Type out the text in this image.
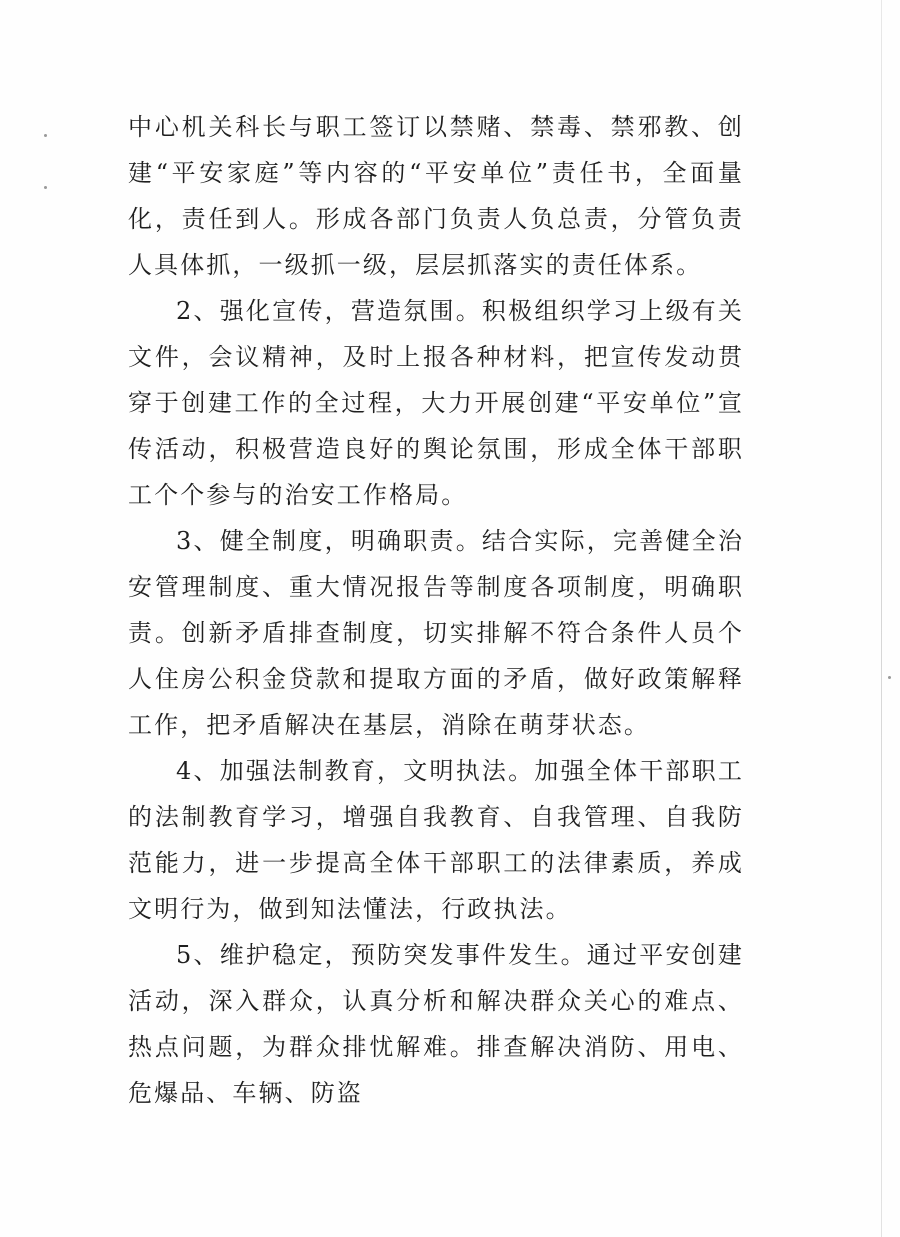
中心机关科长与职工签订以禁赌、禁毒、禁邪教、创建“平安家庭”等内容的“平安单位”责任书，全面量化，责任到人。形成各部门负责人负总责，分管负责人具体抓，一级抓一级，层层抓落实的责任体系。

2、强化宣传，营造氛围。积极组织学习上级有关文件，会议精神，及时上报各种材料，把宣传发动贯穿于创建工作的全过程，大力开展创建“平安单位”宣传活动，积极营造良好的舆论氛围，形成全体干部职工个个参与的治安工作格局。

3、健全制度，明确职责。结合实际，完善健全治安管理制度、重大情况报告等制度各项制度，明确职责。创新矛盾排查制度，切实排解不符合条件人员个人住房公积金贷款和提取方面的矛盾，做好政策解释工作，把矛盾解决在基层，消除在萌芽状态。

4、加强法制教育，文明执法。加强全体干部职工的法制教育学习，增强自我教育、自我管理、自我防范能力，进一步提高全体干部职工的法律素质，养成文明行为，做到知法懂法，行政执法。

5、维护稳定，预防突发事件发生。通过平安创建活动，深入群众，认真分析和解决群众关心的难点、热点问题，为群众排忧解难。排查解决消防、用电、危爆品、车辆、防盗
